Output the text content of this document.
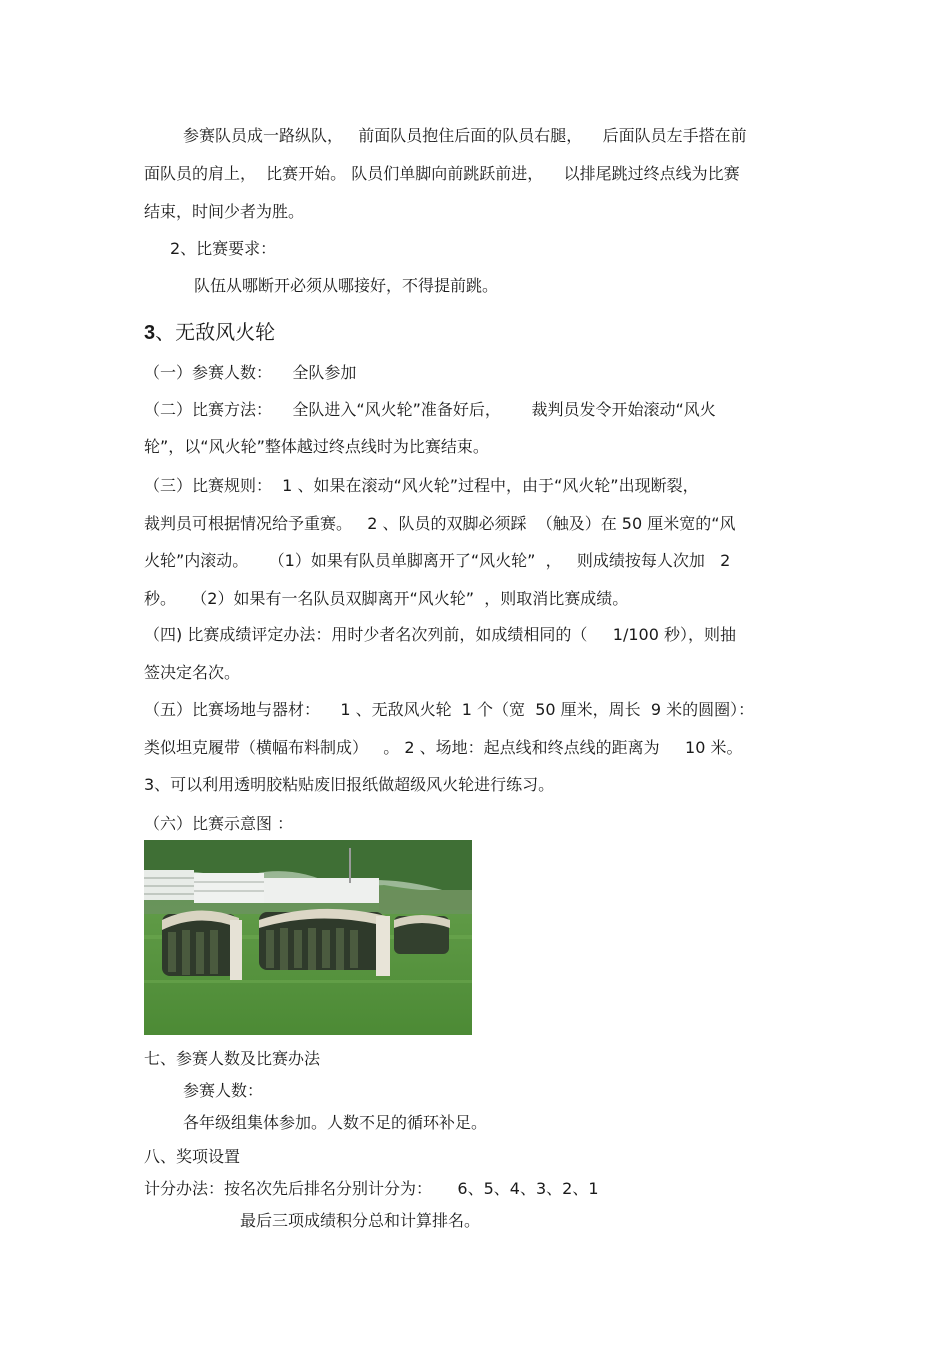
参赛队员成一路纵队，   前面队员抱住后面的队员右腿，    后面队员左手搭在前
面队员的肩上，  比赛开始。 队员们单脚向前跳跃前进，    以排尾跳过终点线为比赛
结束，时间少者为胜。
2、比赛要求：
队伍从哪断开必须从哪接好，不得提前跳。
3、无敌风火轮
（一）参赛人数：    全队参加
（二）比赛方法：    全队进入“风火轮”准备好后，      裁判员发令开始滚动“风火
轮”，以“风火轮”整体越过终点线时为比赛结束。
（三）比赛规则：  1 、如果在滚动“风火轮”过程中，由于“风火轮”出现断裂，
裁判员可根据情况给予重赛。   2 、队员的双脚必须踩  （触及）在 50 厘米宽的“风
火轮”内滚动。    （1）如果有队员单脚离开了“风火轮”  ，   则成绩按每人次加   2
秒。   （2）如果有一名队员双脚离开“风火轮”  ，则取消比赛成绩。
（四) 比赛成绩评定办法：用时少者名次列前，如成绩相同的（     1/100 秒），则抽
签决定名次。
（五）比赛场地与器材：    1 、无敌风火轮  1 个（宽  50 厘米，周长  9 米的圆圈）：
类似坦克履带（横幅布料制成）   。 2 、场地：起点线和终点线的距离为     10 米。
3、可以利用透明胶粘贴废旧报纸做超级风火轮进行练习。
（六）比赛示意图 ：
七、参赛人数及比赛办法
参赛人数：
各年级组集体参加。人数不足的循环补足。
八、奖项设置
计分办法：按名次先后排名分别计分为：     6、5、4、3、2、1
最后三项成绩积分总和计算排名。
